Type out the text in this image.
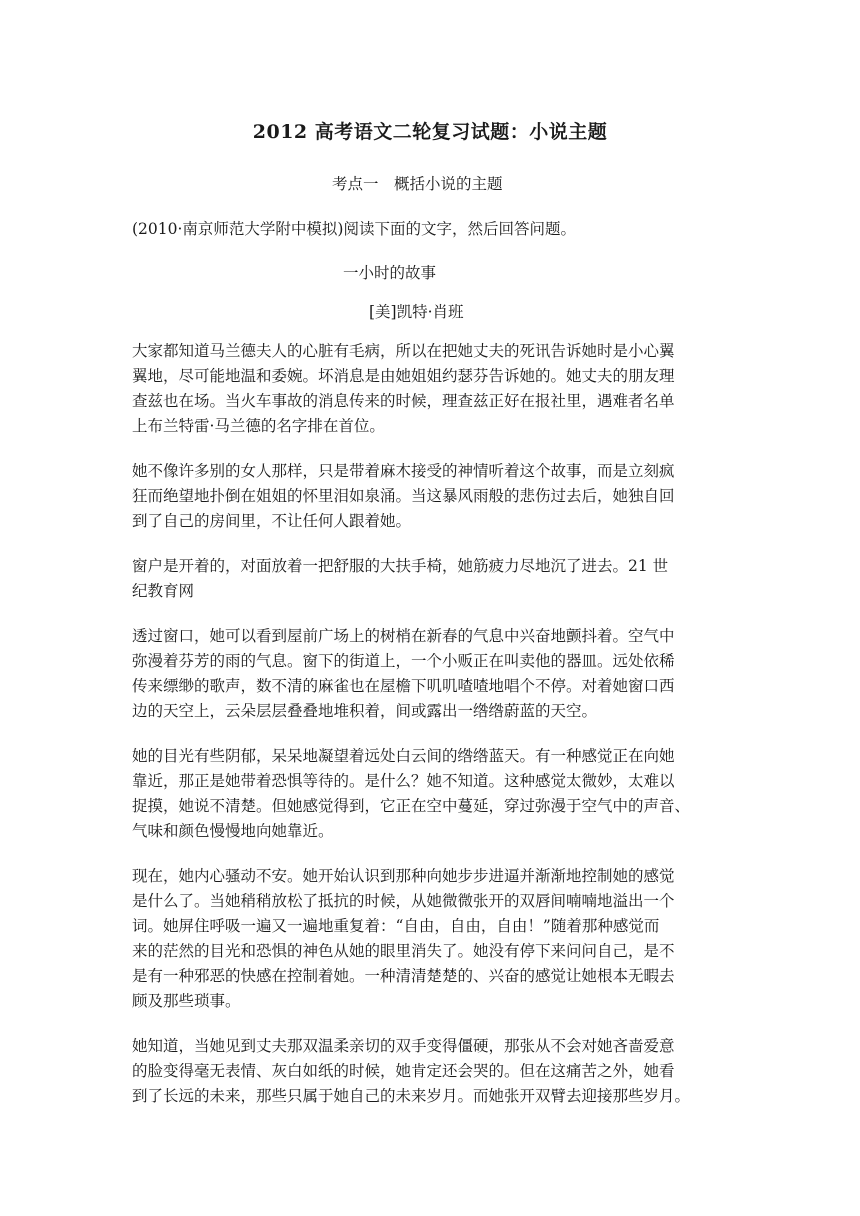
2012 高考语文二轮复习试题：小说主题
考点一　概括小说的主题
(2010·南京师范大学附中模拟)阅读下面的文字，然后回答问题。
一小时的故事
[美]凯特·肖班

大家都知道马兰德夫人的心脏有毛病，所以在把她丈夫的死讯告诉她时是小心翼
翼地，尽可能地温和委婉。坏消息是由她姐姐约瑟芬告诉她的。她丈夫的朋友理
查兹也在场。当火车事故的消息传来的时候，理查兹正好在报社里，遇难者名单
上布兰特雷·马兰德的名字排在首位。

她不像许多别的女人那样，只是带着麻木接受的神情听着这个故事，而是立刻疯
狂而绝望地扑倒在姐姐的怀里泪如泉涌。当这暴风雨般的悲伤过去后，她独自回
到了自己的房间里，不让任何人跟着她。

窗户是开着的，对面放着一把舒服的大扶手椅，她筋疲力尽地沉了进去。21 世
纪教育网

透过窗口，她可以看到屋前广场上的树梢在新春的气息中兴奋地颤抖着。空气中
弥漫着芬芳的雨的气息。窗下的街道上，一个小贩正在叫卖他的器皿。远处依稀
传来缥缈的歌声，数不清的麻雀也在屋檐下叽叽喳喳地唱个不停。对着她窗口西
边的天空上，云朵层层叠叠地堆积着，间或露出一绺绺蔚蓝的天空。

她的目光有些阴郁，呆呆地凝望着远处白云间的绺绺蓝天。有一种感觉正在向她
靠近，那正是她带着恐惧等待的。是什么？她不知道。这种感觉太微妙，太难以
捉摸，她说不清楚。但她感觉得到，它正在空中蔓延，穿过弥漫于空气中的声音、
气味和颜色慢慢地向她靠近。

现在，她内心骚动不安。她开始认识到那种向她步步进逼并渐渐地控制她的感觉
是什么了。当她稍稍放松了抵抗的时候，从她微微张开的双唇间喃喃地溢出一个
词。她屏住呼吸一遍又一遍地重复着：“自由，自由，自由！”随着那种感觉而
来的茫然的目光和恐惧的神色从她的眼里消失了。她没有停下来问问自己，是不
是有一种邪恶的快感在控制着她。一种清清楚楚的、兴奋的感觉让她根本无暇去
顾及那些琐事。

她知道，当她见到丈夫那双温柔亲切的双手变得僵硬，那张从不会对她吝啬爱意
的脸变得毫无表情、灰白如纸的时候，她肯定还会哭的。但在这痛苦之外，她看
到了长远的未来，那些只属于她自己的未来岁月。而她张开双臂去迎接那些岁月。
